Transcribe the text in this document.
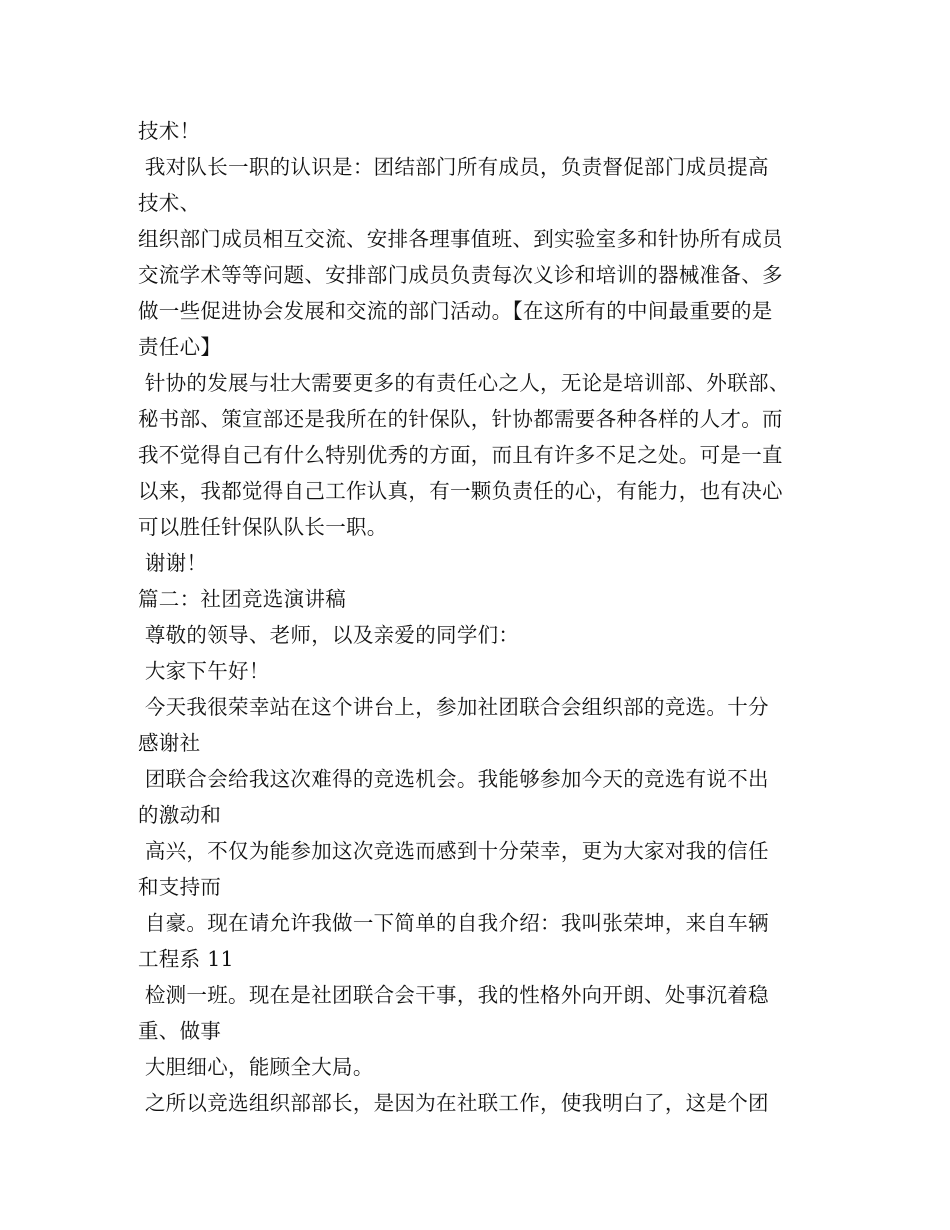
技术！
我对队长一职的认识是：团结部门所有成员，负责督促部门成员提高
技术、
组织部门成员相互交流、安排各理事值班、到实验室多和针协所有成员
交流学术等等问题、安排部门成员负责每次义诊和培训的器械准备、多
做一些促进协会发展和交流的部门活动。【在这所有的中间最重要的是
责任心】
针协的发展与壮大需要更多的有责任心之人，无论是培训部、外联部、
秘书部、策宣部还是我所在的针保队，针协都需要各种各样的人才。而
我不觉得自己有什么特别优秀的方面，而且有许多不足之处。可是一直
以来，我都觉得自己工作认真，有一颗负责任的心，有能力，也有决心
可以胜任针保队队长一职。
谢谢！
篇二：社团竞选演讲稿
尊敬的领导、老师，以及亲爱的同学们：
大家下午好！
今天我很荣幸站在这个讲台上，参加社团联合会组织部的竞选。十分
感谢社
团联合会给我这次难得的竞选机会。我能够参加今天的竞选有说不出
的激动和
高兴，不仅为能参加这次竞选而感到十分荣幸，更为大家对我的信任
和支持而
自豪。现在请允许我做一下简单的自我介绍：我叫张荣坤，来自车辆
工程系 11
检测一班。现在是社团联合会干事，我的性格外向开朗、处事沉着稳
重、做事
大胆细心，能顾全大局。
之所以竞选组织部部长，是因为在社联工作，使我明白了，这是个团
